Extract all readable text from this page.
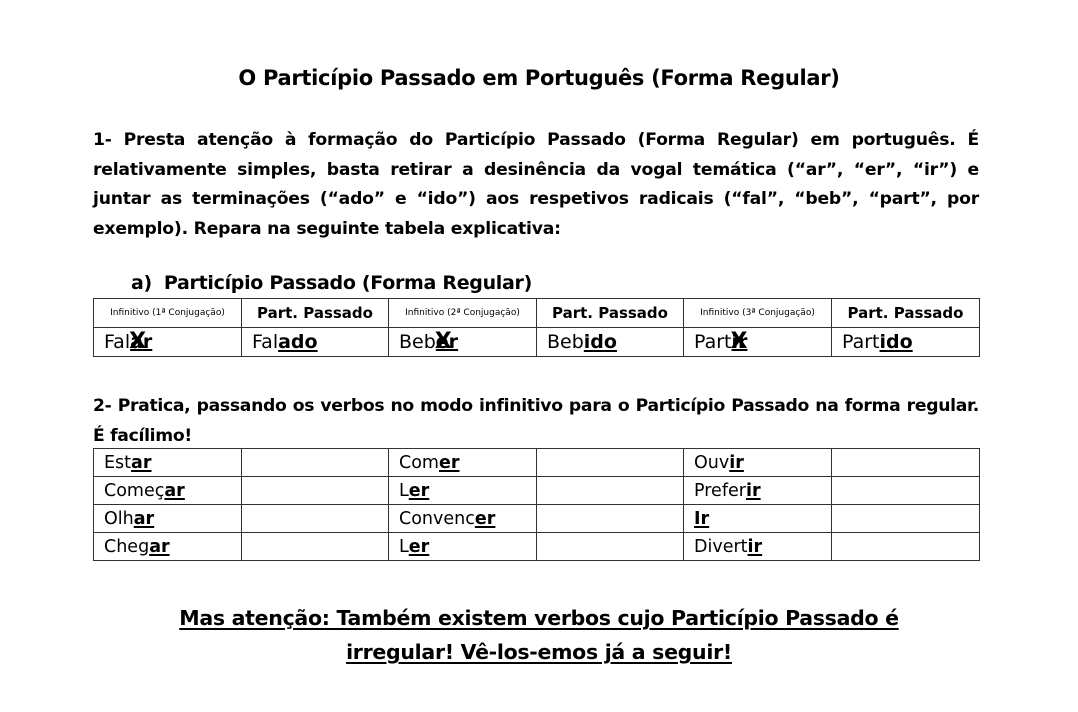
O Particípio Passado em Português (Forma Regular)
1- Presta atenção à formação do Particípio Passado (Forma Regular) em português. É relativamente simples, basta retirar a desinência da vogal temática (“ar”, “er”, “ir”) e juntar as terminações (“ado” e “ido”) aos respetivos radicais (“fal”, “beb”, “part”, por exemplo). Repara na seguinte tabela explicativa:
a) Particípio Passado (Forma Regular)
Infinitivo (1ª Conjugação)	Part. Passado	Infinitivo (2ª Conjugação)	Part. Passado	Infinitivo (3ª Conjugação)	Part. Passado
Falar X	Falado	Beber X	Bebido	Partir X	Partido
2- Pratica, passando os verbos no modo infinitivo para o Particípio Passado na forma regular. É facílimo!
Estar		Comer		Ouvir	
Começar		Ler		Preferir	
Olhar		Convencer		Ir	
Chegar		Ler		Divertir	
Mas atenção: Também existem verbos cujo Particípio Passado é
irregular! Vê-los-emos já a seguir!
